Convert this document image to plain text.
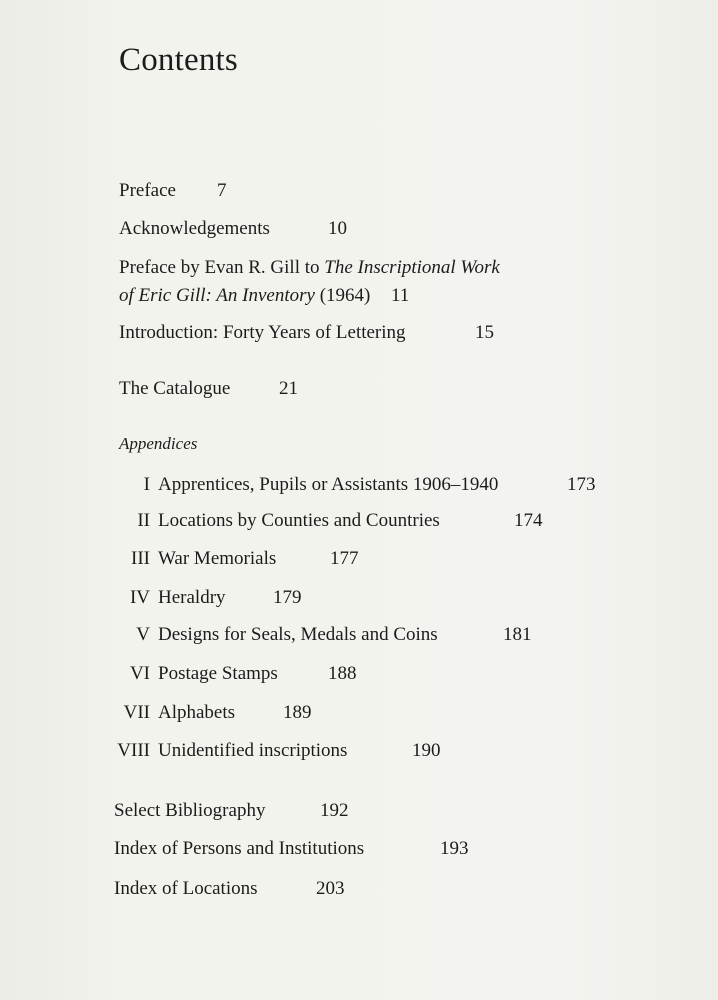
Contents
Preface 7
Acknowledgements	10
Preface by Evan R. Gill to The Inscriptional Work
of Eric Gill: An Inventory (1964) 11
Introduction: Forty Years of Lettering	15
The Catalogue	21
Appendices
I Apprentices, Pupils or Assistants 1906–1940	173
II Locations by Counties and Countries	174
III War Memorials	177
IV Heraldry 179
V Designs for Seals, Medals and Coins	181
VI Postage Stamps	188
VII Alphabets	189
VIII Unidentified inscriptions	190
Select Bibliography	192
Index of Persons and Institutions	193
Index of Locations	203
